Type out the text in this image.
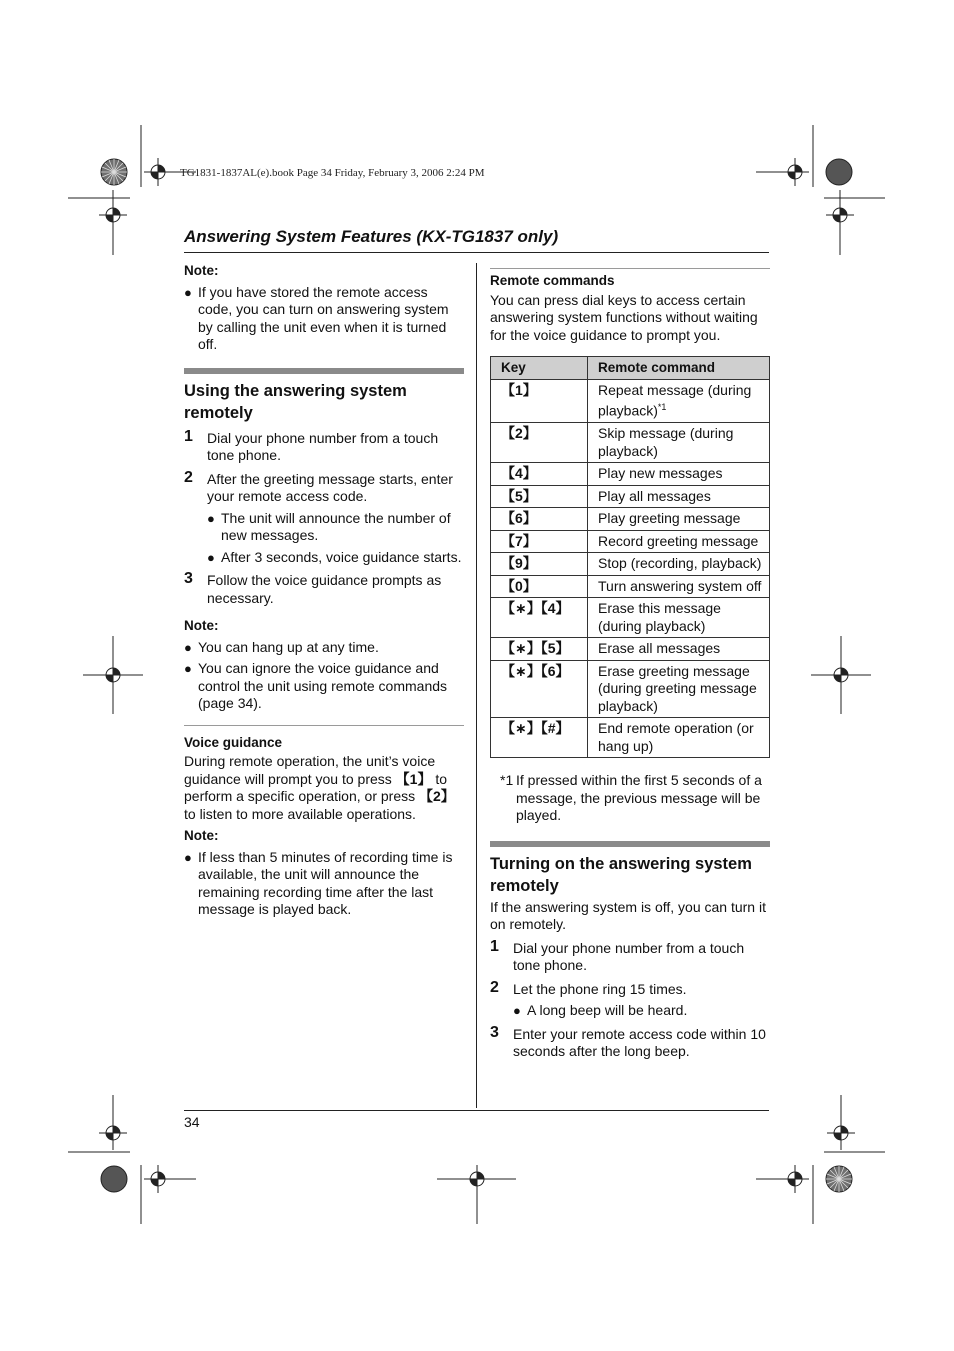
TG1831-1837AL(e).book Page 34 Friday, February 3, 2006 2:24 PM
Answering System Features (KX-TG1837 only)
Note:
● If you have stored the remote access code, you can turn on answering system by calling the unit even when it is turned off.
Using the answering system remotely
1 Dial your phone number from a touch tone phone.
2 After the greeting message starts, enter your remote access code.
● The unit will announce the number of new messages.
● After 3 seconds, voice guidance starts.
3 Follow the voice guidance prompts as necessary.
Note:
● You can hang up at any time.
● You can ignore the voice guidance and control the unit using remote commands (page 34).
Voice guidance
During remote operation, the unit’s voice guidance will prompt you to press 【1】 to perform a specific operation, or press 【2】 to listen to more available operations.
Note:
● If less than 5 minutes of recording time is available, the unit will announce the remaining recording time after the last message is played back.
Remote commands
You can press dial keys to access certain answering system functions without waiting for the voice guidance to prompt you.
Key	Remote command
【1】	Repeat message (during playback)$^{*1}$
【2】	Skip message (during playback)
【4】	Play new messages
【5】	Play all messages
【6】	Play greeting message
【7】	Record greeting message
【9】	Stop (recording, playback)
【0】	Turn answering system off
【∗】【4】	Erase this message (during playback)
【∗】【5】	Erase all messages
【∗】【6】	Erase greeting message (during greeting message playback)
【∗】【#】	End remote operation (or hang up)
*1 If pressed within the first 5 seconds of a message, the previous message will be played.
Turning on the answering system remotely
If the answering system is off, you can turn it on remotely.
1 Dial your phone number from a touch tone phone.
2 Let the phone ring 15 times.
● A long beep will be heard.
3 Enter your remote access code within 10 seconds after the long beep.
34
